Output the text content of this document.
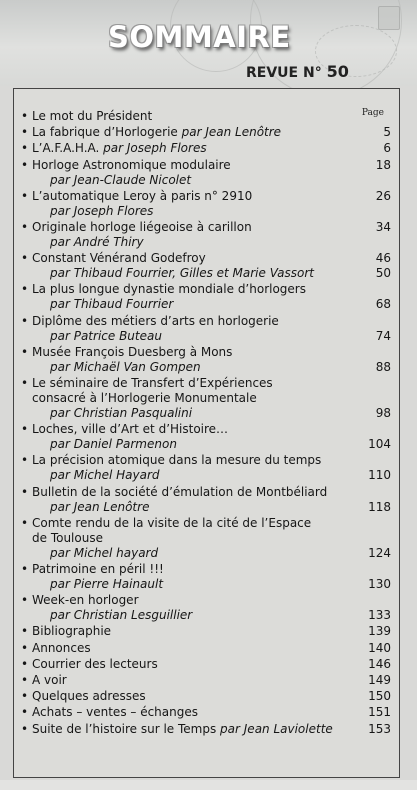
SOMMAIRE
REVUE N° 50
Page
• Le mot du Président
• La fabrique d’Horlogerie par Jean Lenôtre	5
• L’A.F.A.H.A. par Joseph Flores	6
• Horloge Astronomique modulaire	18
par Jean-Claude Nicolet
• L’automatique Leroy à paris n° 2910	26
par Joseph Flores
• Originale horloge liégeoise à carillon	34
par André Thiry
• Constant Vénérand Godefroy	46
par Thibaud Fourrier, Gilles et Marie Vassort	50
• La plus longue dynastie mondiale d’horlogers
par Thibaud Fourrier	68
• Diplôme des métiers d’arts en horlogerie
par Patrice Buteau	74
• Musée François Duesberg à Mons
par Michaël Van Gompen	88
• Le séminaire de Transfert d’Expériences
consacré à l’Horlogerie Monumentale
par Christian Pasqualini	98
• Loches, ville d’Art et d’Histoire…
par Daniel Parmenon	104
• La précision atomique dans la mesure du temps
par Michel Hayard	110
• Bulletin de la société d’émulation de Montbéliard
par Jean Lenôtre	118
• Comte rendu de la visite de la cité de l’Espace
de Toulouse
par Michel hayard	124
• Patrimoine en péril !!!
par Pierre Hainault	130
• Week-en horloger
par Christian Lesguillier	133
• Bibliographie	139
• Annonces	140
• Courrier des lecteurs	146
• A voir	149
• Quelques adresses	150
• Achats – ventes – échanges	151
• Suite de l’histoire sur le Temps par Jean Laviolette	153
